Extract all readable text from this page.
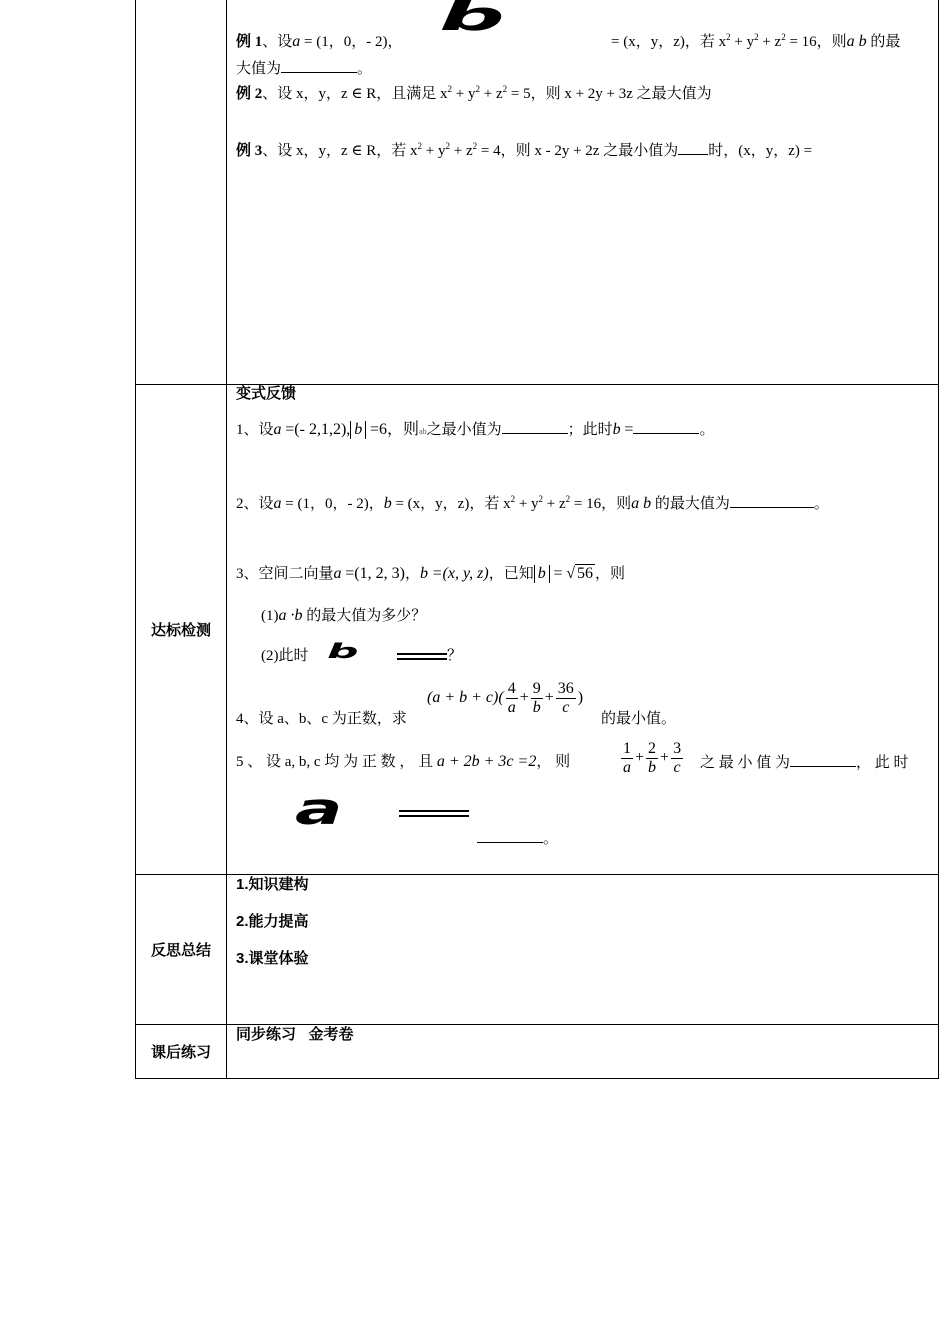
例 1、设a = (1，0，- 2)，
b
= (x，y，z)，若 $x^2 + y^2 + z^2 = 16$，则a b 的最
大值为	。
例 2、设 x，y，z ∈ R，且满足 $x^2 + y^2 + z^2 = 5$，则 x + 2y + 3z 之最大值为
例 3、设 x，y，z ∈ R，若 $x^2 + y^2 + z^2 = 4$，则 x - 2y + 2z 之最小值为 时，(x，y，z) =
达标检测
变式反馈
1、设a =(- 2,1,2), b =6，则ab之最小值为	；此时b =	。
2、设a = (1，0，- 2)，b = (x，y，z)，若 $x^2 + y^2 + z^2 = 16$，则a b 的最大值为	。
3、空间二向量a =(1, 2, 3)，b =(x, y, z)，已知 b = √ 56 ，则
(1)a ·b 的最大值为多少？
(2)此时 b	？
4、设 a、b、c 为正数，求
$(a + b + c)( \frac{4}{a} + \frac{9}{b} + \frac{36}{c}$ )
的最小值。
5 、 设 a, b, c 均 为 正 数 ， 且 a + 2b + 3c =2， 则	$\frac{1}{a} + \frac{2}{b} + \frac{3}{c}$ 之 最 小 值 为	， 此 时
a
。
反思总结
1.知识建构
2.能力提高
3.课堂体验
课后练习
同步练习   金考卷
